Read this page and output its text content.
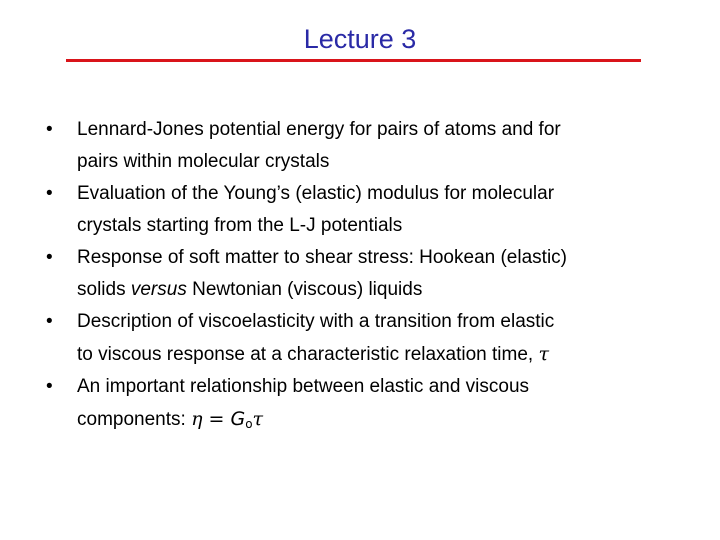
Lecture 3
• Lennard-Jones potential energy for pairs of atoms and for
pairs within molecular crystals
• Evaluation of the Young’s (elastic) modulus for molecular
crystals starting from the L-J potentials
• Response of soft matter to shear stress: Hookean (elastic)
solids versus Newtonian (viscous) liquids
• Description of viscoelasticity with a transition from elastic
to viscous response at a characteristic relaxation time, τ
• An important relationship between elastic and viscous
components: $\eta = G_o\tau$
